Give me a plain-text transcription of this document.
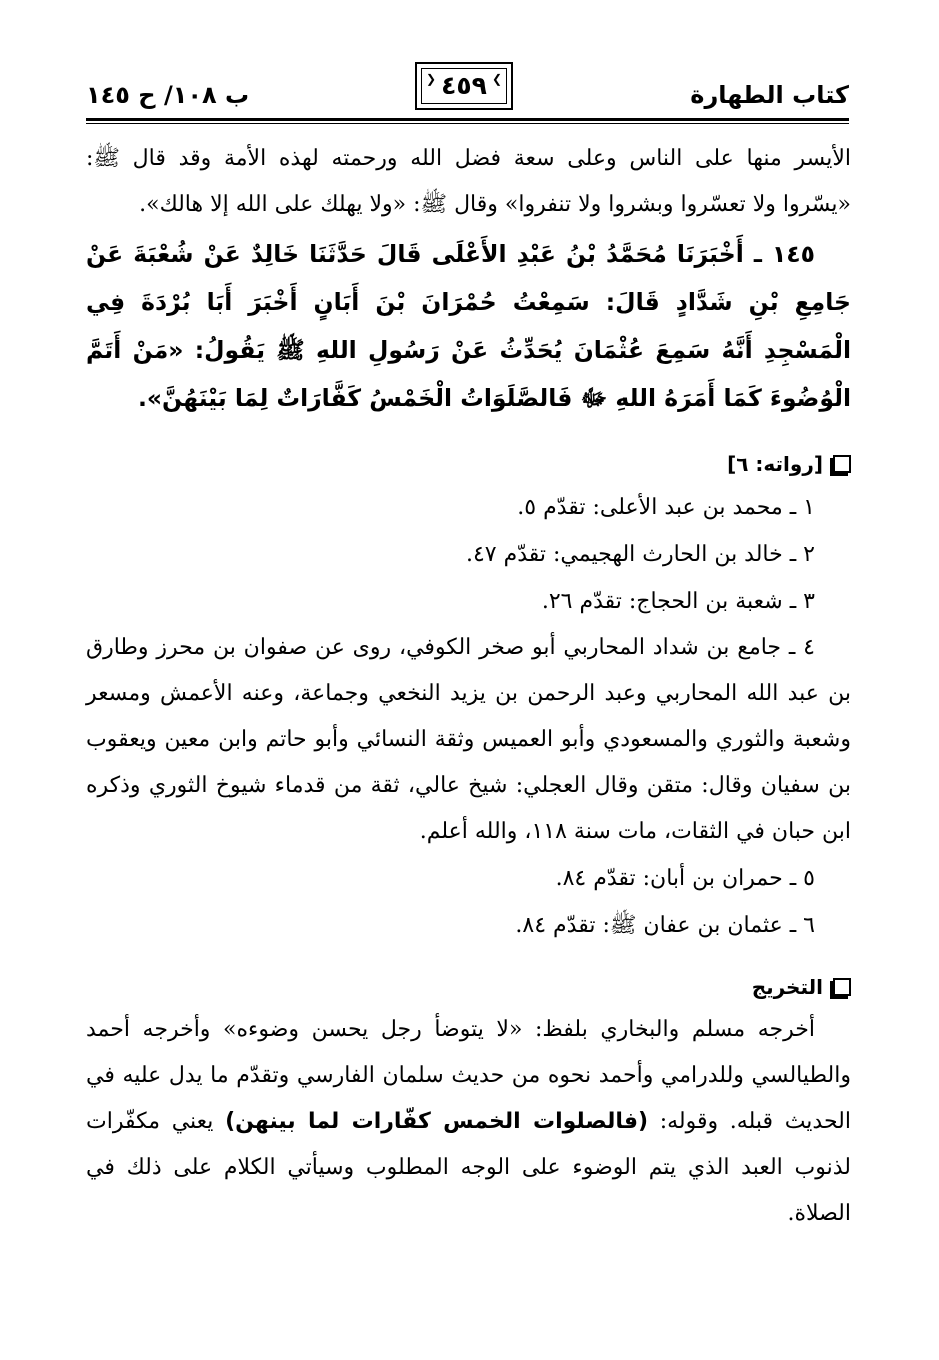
كتاب الطهارة
❮ ٤٥٩ ❯
ب ١٠٨/ ح ١٤٥

الأيسر منها على الناس وعلى سعة فضل الله ورحمته لهذه الأمة وقد قال ﷺ: «يسّروا ولا تعسّروا وبشروا ولا تنفروا» وقال ﷺ: «ولا يهلك على الله إلا هالك».

١٤٥ ـ أَخْبَرَنَا مُحَمَّدُ بْنُ عَبْدِ الأَعْلَى قَالَ حَدَّثَنَا خَالِدٌ عَنْ شُعْبَةَ عَنْ جَامِعِ بْنِ شَدَّادٍ قَالَ: سَمِعْتُ حُمْرَانَ بْنَ أَبَانٍ أَخْبَرَ أَبَا بُرْدَةَ فِي الْمَسْجِدِ أَنَّهُ سَمِعَ عُثْمَانَ يُحَدِّثُ عَنْ رَسُولِ اللهِ ﷺ يَقُولُ: «مَنْ أَتَمَّ الْوُضُوءَ كَمَا أَمَرَهُ اللهِ ﷻ فَالصَّلَوَاتُ الْخَمْسُ كَفَّارَاتٌ لِمَا بَيْنَهُنَّ».

[رواته: ٦]

١ ـ محمد بن عبد الأعلى: تقدّم ٥.

٢ ـ خالد بن الحارث الهجيمي: تقدّم ٤٧.

٣ ـ شعبة بن الحجاج: تقدّم ٢٦.

٤ ـ جامع بن شداد المحاربي أبو صخر الكوفي، روى عن صفوان بن محرز وطارق بن عبد الله المحاربي وعبد الرحمن بن يزيد النخعي وجماعة، وعنه الأعمش ومسعر وشعبة والثوري والمسعودي وأبو العميس وثقة النسائي وأبو حاتم وابن معين ويعقوب بن سفيان وقال: متقن وقال العجلي: شيخ عالي، ثقة من قدماء شيوخ الثوري وذكره ابن حبان في الثقات، مات سنة ١١٨، والله أعلم.

٥ ـ حمران بن أبان: تقدّم ٨٤.

٦ ـ عثمان بن عفان ﷺ: تقدّم ٨٤.

التخريج

أخرجه مسلم والبخاري بلفظ: «لا يتوضأ رجل يحسن وضوءه» وأخرجه أحمد والطيالسي وللدرامي وأحمد نحوه من حديث سلمان الفارسي وتقدّم ما يدل عليه في الحديث قبله. وقوله: (فالصلوات الخمس كفّارات لما بينهن) يعني مكفّرات لذنوب العبد الذي يتم الوضوء على الوجه المطلوب وسيأتي الكلام على ذلك في الصلاة.
